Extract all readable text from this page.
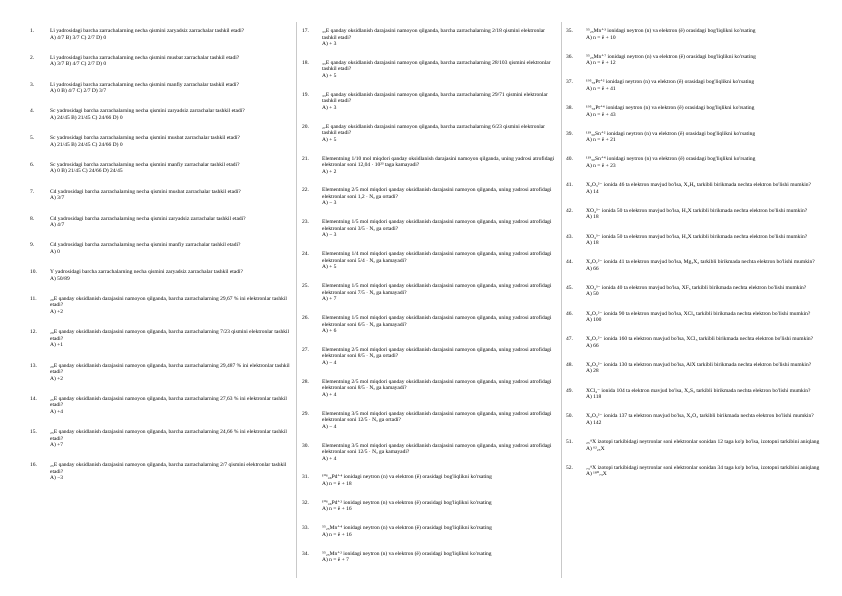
1.	Li yadrosidagi barcha zarrachalarning necha qismini zaryadsiz zarrachalar tashkil etadi?
A) 4/7 B) 3/7 C) 2/7 D) 0
2.	Li yadrosidagi barcha zarrachalarning necha qismini musbat zarrachalar tashkil etadi?
A) 3/7 B) 4/7 C) 2/7 D) 0
3.	Li yadrosidagi barcha zarrachalarning necha qismini manfiy zarrachalar tashkil etadi?
A) 0 B) 4/7 C) 2/7 D) 3/7
4.	Sc yadrosidagi barcha zarrachalarning necha qismini zaryadsiz zarrachalar tashkil etadi?
A) 24/45 B) 21/45 C) 24/66 D) 0
5.	Sc yadrosidagi barcha zarrachalarning necha qismini musbat zarrachalar tashkil etadi?
A) 21/45 B) 24/45 C) 24/66 D) 0
6.	Sc yadrosidagi barcha zarrachalarning necha qismini manfiy zarrachalar tashkil etadi?
A) 0 B) 21/45 C) 24/66 D) 24/45
7.	Cd yadrosidagi barcha zarrachalarning necha qismini musbat zarrachalar tashkil etadi?
A) 3/7
8.	Cd yadrosidagi barcha zarrachalarning necha qismini zaryadsiz zarrachalar tashkil etadi?
A) 4/7
9.	Cd yadrosidagi barcha zarrachalarning necha qismini manfiy zarrachalar tashkil etadi?
A) 0
10. Y yadrosidagi barcha zarrachalarning necha qismini zaryadsiz zarrachalar tashkil etadi?
A) 50/89
11. ₂₉E qanday oksidlanish darajasini namoyon qilganda, barcha zarrachalarning 29,67 % ini elektronlar tashkil etadi?
A) +2
12. ₂₉E qanday oksidlanish darajasini namoyon qilganda, barcha zarrachalarning 7/23 qismini elektronlar tashkil etadi?
A) +1
13. ₂₉E qanday oksidlanish darajasini namoyon qilganda, barcha zarrachalarning 29,487 % ini elektronlar tashkil etadi?
A) +2
14. ₂₅E qanday oksidlanish darajasini namoyon qilganda, barcha zarrachalarning 27,63 % ini elektronlar tashkil etadi?
A) +4
15. ₂₅E qanday oksidlanish darajasini namoyon qilganda, barcha zarrachalarning 24,66 % ini elektronlar tashkil etadi?
A) +7
16. ₂₅E qanday oksidlanish darajasini namoyon qilganda, barcha zarrachalarning 2/7 qismini elektronlar tashkil etadi?
A) −3
17. ₃₃E qanday oksidlanish darajasini namoyon qilganda, barcha zarrachalarning 2/18 qismini elektronlar tashkil etadi?
A) + 3
18. ₃₃E qanday oksidlanish darajasini namoyon qilganda, barcha zarrachalarning 28/103 qismini elektronlar tashkil etadi?
A) + 5
19. ₃₃E qanday oksidlanish darajasini namoyon qilganda, barcha zarrachalarning 29/71 qismini elektronlar tashkil etadi?
A) + 3
20. ₂₇E qanday oksidlanish darajasini namoyon qilganda, barcha zarrachalarning 6/23 qismini elektronlar tashkil etadi?
A) + 5
21. Elementning 1/10 mol miqdori qanday oksidlanish darajasini namoyon qilganda, uning yadrosi atrofidagi elektronlar soni 12,04 · 10²³ taga kamayadi?
A) + 2
22. Elementning 2/5 mol miqdori qanday oksidlanish darajasini namoyon qilganda, uning yadrosi atrofidagi elektronlar soni 1,2 · Nₐ ga ortadi?
A) − 3
23. Elementning 1/5 mol miqdori qanday oksidlanish darajasini namoyon qilganda, uning yadrosi atrofidagi elektronlar soni 3/5 · Nₐ ga ortadi?
A) − 3
24. Elementning 1/4 mol miqdori qanday oksidlanish darajasini namoyon qilganda, uning yadrosi atrofidagi elektronlar soni 5/4 · Nₐ ga kamayadi?
A) + 5
25. Elementning 1/5 mol miqdori qanday oksidlanish darajasini namoyon qilganda, uning yadrosi atrofidagi elektronlar soni 7/5 · Nₐ ga kamayadi?
A) + 7
26. Elementning 1/5 mol miqdori qanday oksidlanish darajasini namoyon qilganda, uning yadrosi atrofidagi elektronlar soni 6/5 · Nₐ ga kamayadi?
A) + 6
27. Elementning 2/5 mol miqdori qanday oksidlanish darajasini namoyon qilganda, uning yadrosi atrofidagi elektronlar soni 8/5 · Nₐ ga ortadi?
A) − 4
28. Elementning 2/5 mol miqdori qanday oksidlanish darajasini namoyon qilganda, uning yadrosi atrofidagi elektronlar soni 8/5 · Nₐ ga kamayadi?
A) + 4
29. Elementning 3/5 mol miqdori qanday oksidlanish darajasini namoyon qilganda, uning yadrosi atrofidagi elektronlar soni 12/5 · Nₐ ga ortadi?
A) − 4
30. Elementning 3/5 mol miqdori qanday oksidlanish darajasini namoyon qilganda, uning yadrosi atrofidagi elektronlar soni 12/5 · Nₐ ga kamayadi?
A) + 4
31. ¹⁰⁶₄₆Pd⁺⁴ ionidagi neytron (n) va elektron (ē) orasidagi bog'liqlikni ko'rsating
A) n = ē + 18
32. ¹⁰⁶₄₆Pd⁺² ionidagi neytron (n) va elektron (ē) orasidagi bog'liqlikni ko'rsating
A) n = ē + 16
33. ⁵⁵₂₅Mn⁺⁴ ionidagi neytron (n) va elektron (ē) orasidagi bog'liqlikni ko'rsating
A) n = ē + 16
34. ⁵⁵₂₅Mn⁺² ionidagi neytron (n) va elektron (ē) orasidagi bog'liqlikni ko'rsating
A) n = ē + 7
35. ⁵⁵₂₅Mn⁺³ ionidagi neytron (n) va elektron (ē) orasidagi bog'liqlikni ko'rsating
A) n = ē + 10
36. ⁵⁵₂₅Mn⁺⁷ ionidagi neytron (n) va elektron (ē) orasidagi bog'liqlikni ko'rsating
A) n = ē + 12
37. ¹⁹⁵₇₈Pt⁺² ionidagi neytron (n) va elektron (ē) orasidagi bog'liqlikni ko'rsating
A) n = ē + 41
38. ¹⁹⁵₇₈Pt⁺⁴ ionidagi neytron (n) va elektron (ē) orasidagi bog'liqlikni ko'rsating
A) n = ē + 43
39. ¹¹⁹₅₀Sn⁺² ionidagi neytron (n) va elektron (ē) orasidagi bog'liqlikni ko'rsating
A) n = ē + 21
40. ¹¹⁹₅₀Sn⁺⁴ ionidagi neytron (n) va elektron (ē) orasidagi bog'liqlikni ko'rsating
A) n = ē + 23
41. X₂O₃²⁻ ionida 46 ta elektron mavjud bo'lsa, X₂H₆ tarkibli birikmada nechta elektron bo'lishi mumkin?
A) 14
42. XO₄³⁻ ionida 50 ta elektron mavjud bo'lsa, H₃X tarkibli birikmada nechta elektron bo'lishi mumkin?
A) 18
43. XO₄³⁻ ionida 50 ta elektron mavjud bo'lsa, H₃X tarkibli birikmada nechta elektron bo'lishi mumkin?
A) 18
44. X₂O₇²⁻ ionida 41 ta elektron mavjud bo'lsa, Mg₃X₂ tarkibli birikmada nechta elektron bo'lishi mumkin?
A) 66
45. XO₄³⁻ ionida 40 ta elektron mavjud bo'lsa, XF₅ tarkibli birikmada nechta elektron bo'lishi mumkin?
A) 50
46. X₂O₇²⁻ ionida 90 ta elektron mavjud bo'lsa, XCl₆ tarkibli birikmada nechta elektron bo'lishi mumkin?
A) 100
47. X₂O₇²⁻ ionida 160 ta elektron mavjud bo'lsa, XCl₃ tarkibli birikmada nechta elektron bo'lishi mumkin?
A) 66
48. X₂O₃²⁻ ionida 130 ta elektron mavjud bo'lsa, AlX tarkibli birikmada nechta elektron bo'lishi mumkin?
A) 28
49. XCl₄⁻ ionida 104 ta elektron mavjud bo'lsa, X₂S₃ tarkibli birikmada nechta elektron bo'lishi mumkin?
A) 118
50. X₂O₃²⁻ ionida 137 ta elektron mavjud bo'lsa, X₂O₃ tarkibli birikmada nechta elektron bo'lishi mumkin?
A) 142
51. ₂₅ᴬX izotopi tarkibidagi neytronlar soni elektronlar sonidan 12 taga ko'p bo'lsa, izotopni tarkibini aniqlang
A) ⁶²₂₅X
52. ₇₃ᴬX izotopi tarkibidagi neytronlar soni elektronlar sonidan 34 taga ko'p bo'lsa, izotopni tarkibini aniqlang
A) ¹⁸⁰₇₃X
